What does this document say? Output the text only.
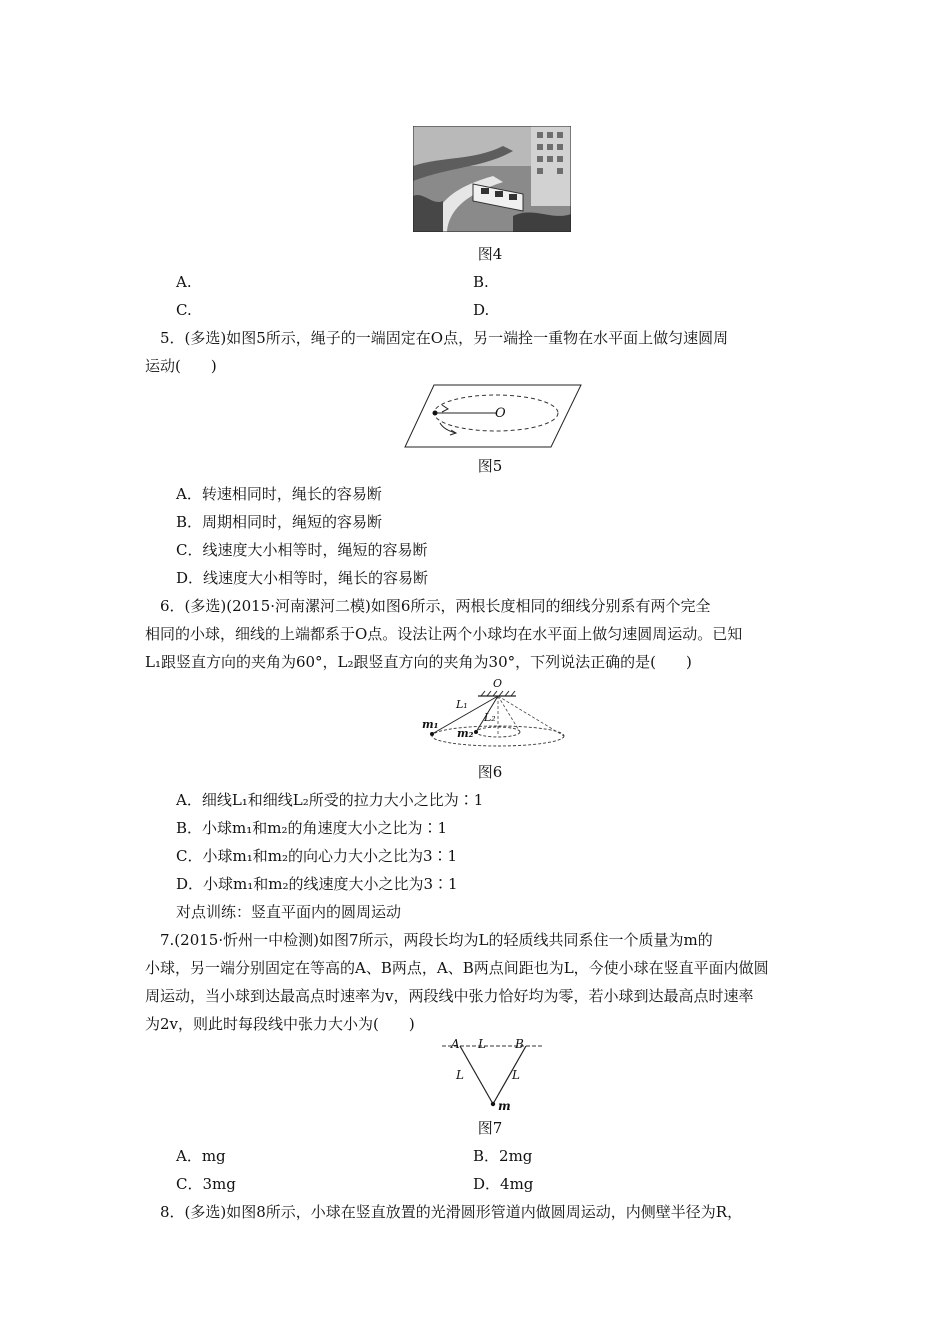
图4
A.	B.
C.	D.
5．(多选)如图5所示，绳子的一端固定在O点，另一端拴一重物在水平面上做匀速圆周
运动(　　)
O
图5
A．转速相同时，绳长的容易断
B．周期相同时，绳短的容易断
C．线速度大小相等时，绳短的容易断
D．线速度大小相等时，绳长的容易断
6．(多选)(2015·河南漯河二模)如图6所示，两根长度相同的细线分别系有两个完全
相同的小球，细线的上端都系于O点。设法让两个小球均在水平面上做匀速圆周运动。已知
L₁跟竖直方向的夹角为60°，L₂跟竖直方向的夹角为30°，下列说法正确的是(　　)
O
L₁
L₂
m₁
m₂
图6
A．细线L₁和细线L₂所受的拉力大小之比为∶1
B．小球m₁和m₂的角速度大小之比为∶1
C．小球m₁和m₂的向心力大小之比为3∶1
D．小球m₁和m₂的线速度大小之比为3∶1
对点训练：竖直平面内的圆周运动
7.(2015·忻州一中检测)如图7所示，两段长均为L的轻质线共同系住一个质量为m的
小球，另一端分别固定在等高的A、B两点，A、B两点间距也为L，今使小球在竖直平面内做圆
周运动，当小球到达最高点时速率为v，两段线中张力恰好均为零，若小球到达最高点时速率
为2v，则此时每段线中张力大小为(　　)
A L B
L	L
m
图7
A．mg	B．2mg
C．3mg	D．4mg
8．(多选)如图8所示，小球在竖直放置的光滑圆形管道内做圆周运动，内侧壁半径为R，
